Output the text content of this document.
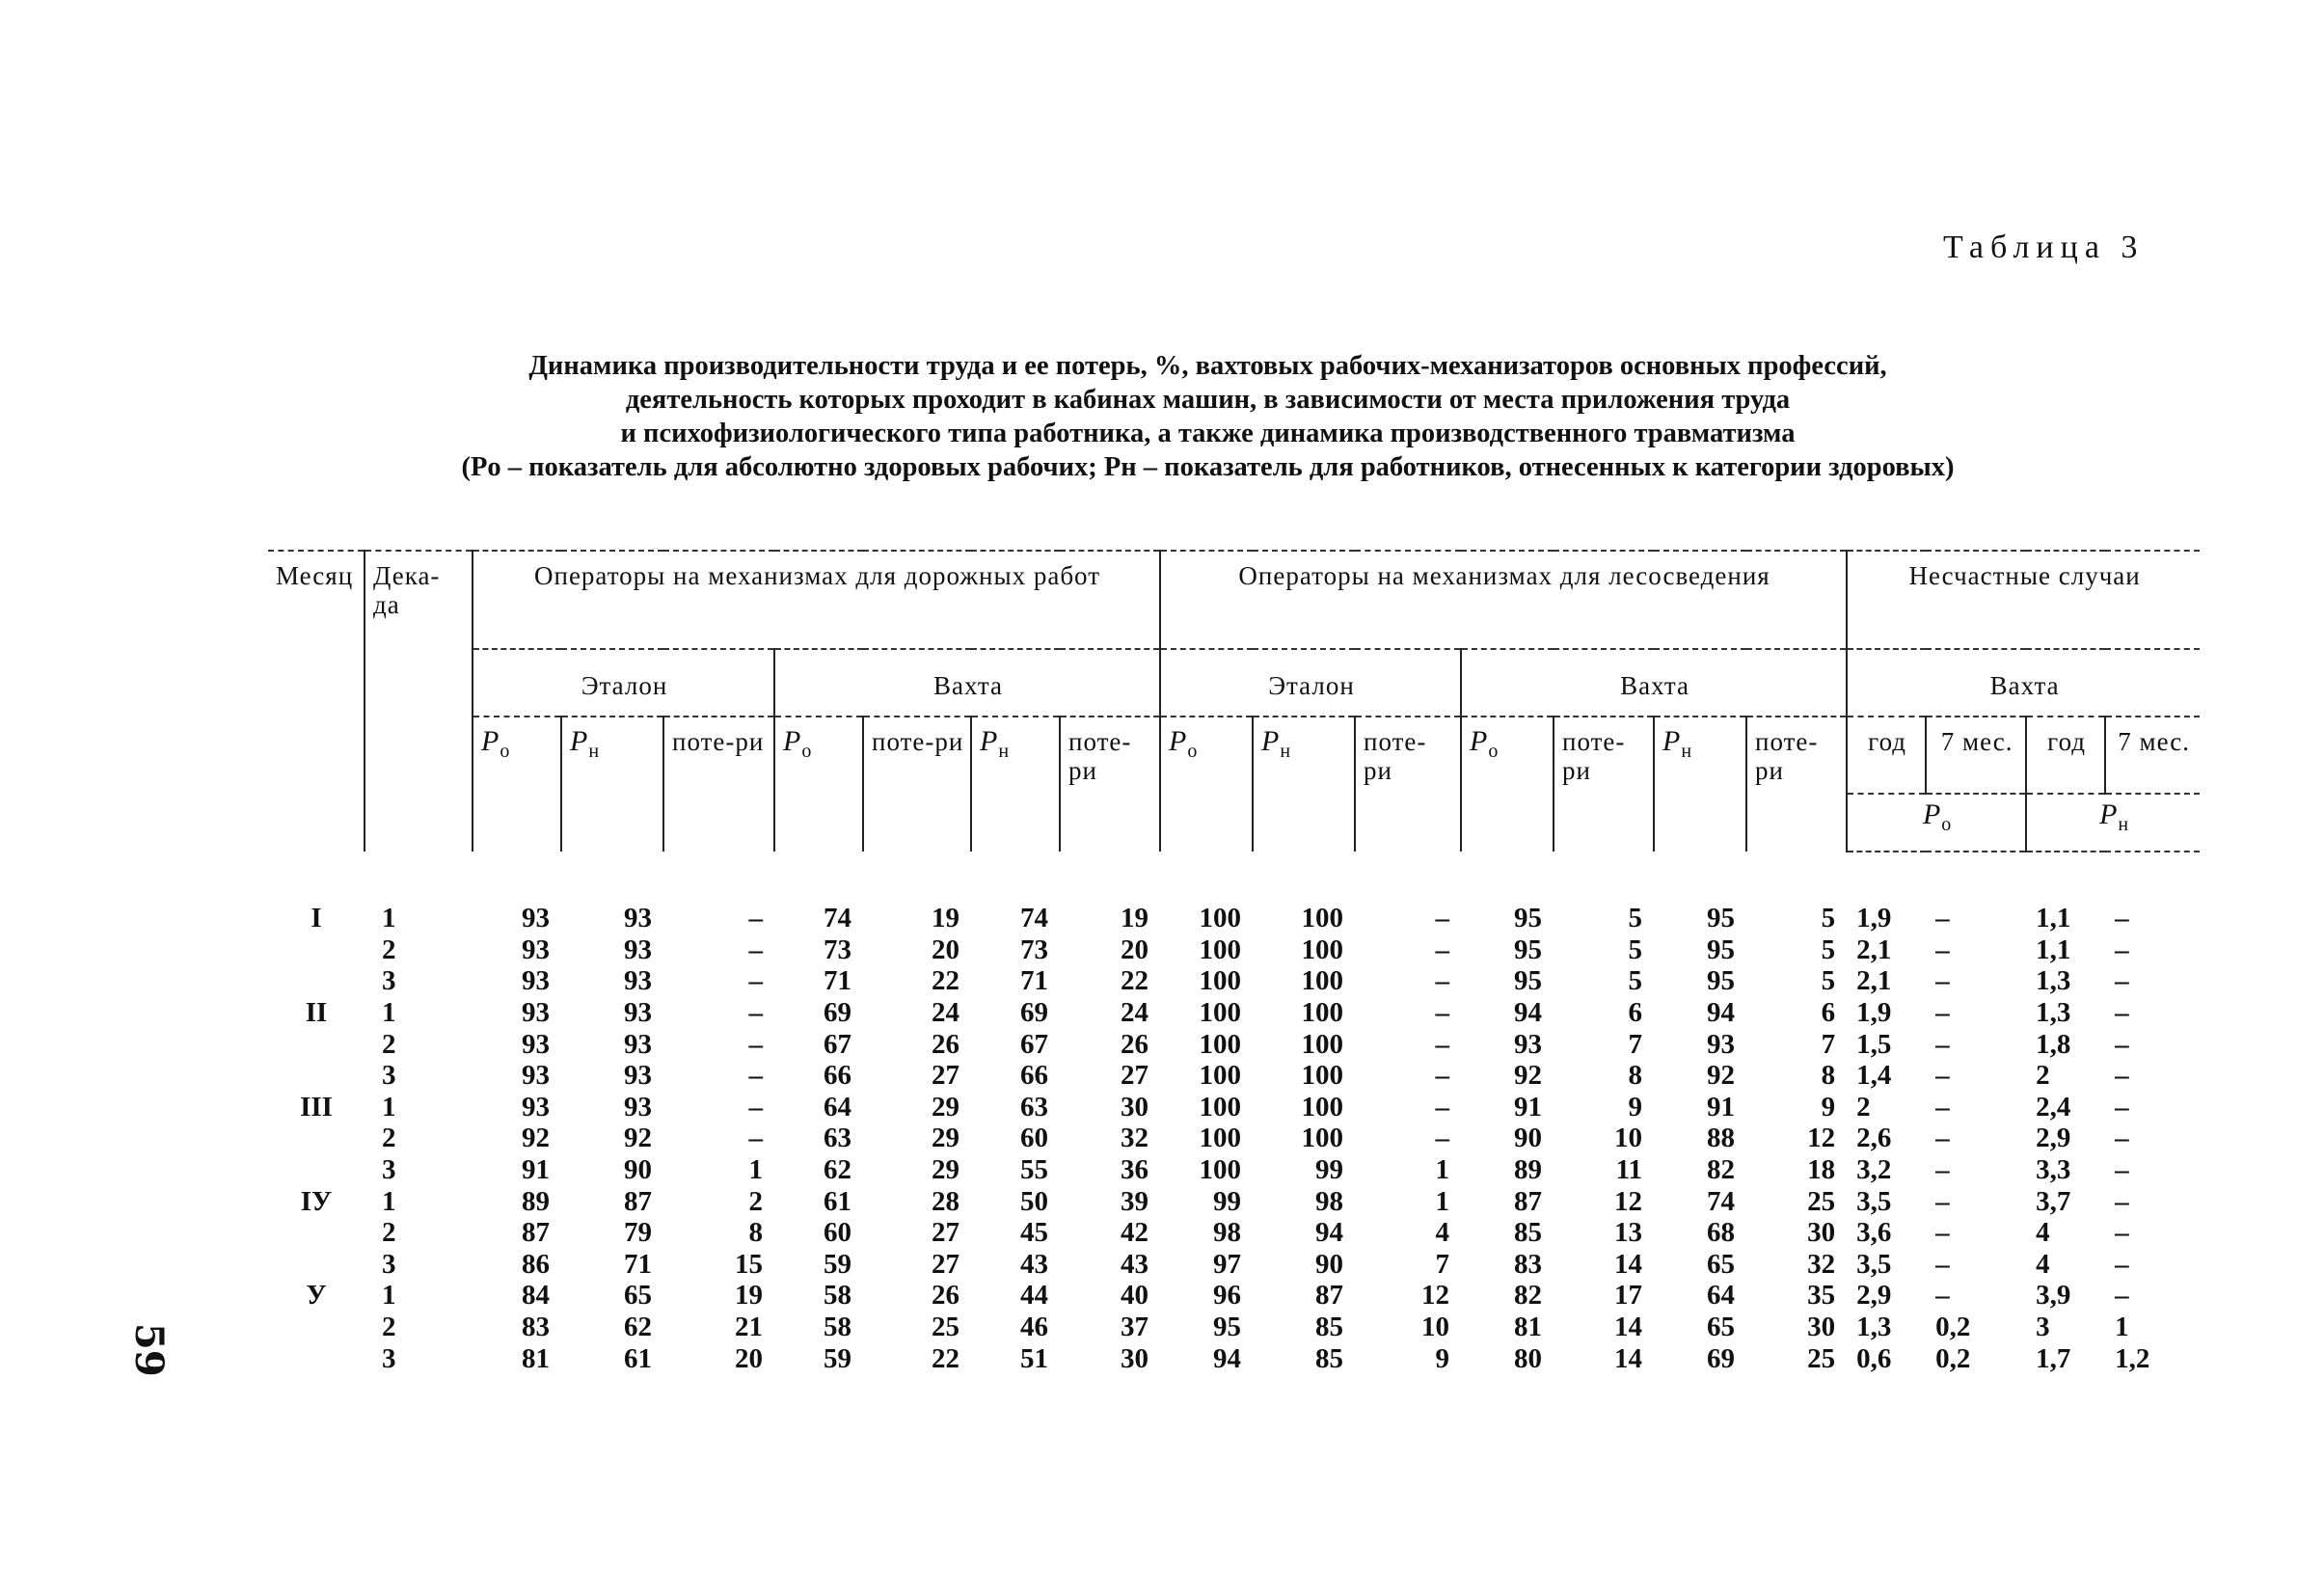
59
Таблица 3
Динамика производительности труда и ее потерь, %, вахтовых рабочих-механизаторов основных профессий,
деятельность которых проходит в кабинах машин, в зависимости от места приложения труда
и психофизиологического типа работника, а также динамика производственного травматизма
(Pо – показатель для абсолютно здоровых рабочих; Pн – показатель для работников, отнесенных к категории здоровых)
Месяц	Дека-да	Операторы на механизмах для дорожных работ							Операторы на механизмах для лесосведения							Несчастные случаи			
		Эталон			Вахта				Эталон			Вахта				Вахта			
		$P_о$	$P_н$	поте-ри	$P_о$	поте-ри	$P_н$	поте-ри	$P_о$	$P_н$	поте-ри	$P_о$	поте-ри	$P_н$	поте-ри	год	7 мес.	год	7 мес.
																$P_о$		$P_н$

I	1	93	93	–	74	19	74	19	100	100	–	95	5	95	5	1,9	–	1,1	–
	2	93	93	–	73	20	73	20	100	100	–	95	5	95	5	2,1	–	1,1	–
	3	93	93	–	71	22	71	22	100	100	–	95	5	95	5	2,1	–	1,3	–
II	1	93	93	–	69	24	69	24	100	100	–	94	6	94	6	1,9	–	1,3	–
	2	93	93	–	67	26	67	26	100	100	–	93	7	93	7	1,5	–	1,8	–
	3	93	93	–	66	27	66	27	100	100	–	92	8	92	8	1,4	–	2	–
III	1	93	93	–	64	29	63	30	100	100	–	91	9	91	9	2	–	2,4	–
	2	92	92	–	63	29	60	32	100	100	–	90	10	88	12	2,6	–	2,9	–
	3	91	90	1	62	29	55	36	100	99	1	89	11	82	18	3,2	–	3,3	–
IУ	1	89	87	2	61	28	50	39	99	98	1	87	12	74	25	3,5	–	3,7	–
	2	87	79	8	60	27	45	42	98	94	4	85	13	68	30	3,6	–	4	–
	3	86	71	15	59	27	43	43	97	90	7	83	14	65	32	3,5	–	4	–
У	1	84	65	19	58	26	44	40	96	87	12	82	17	64	35	2,9	–	3,9	–
	2	83	62	21	58	25	46	37	95	85	10	81	14	65	30	1,3	0,2	3	1
	3	81	61	20	59	22	51	30	94	85	9	80	14	69	25	0,6	0,2	1,7	1,2
